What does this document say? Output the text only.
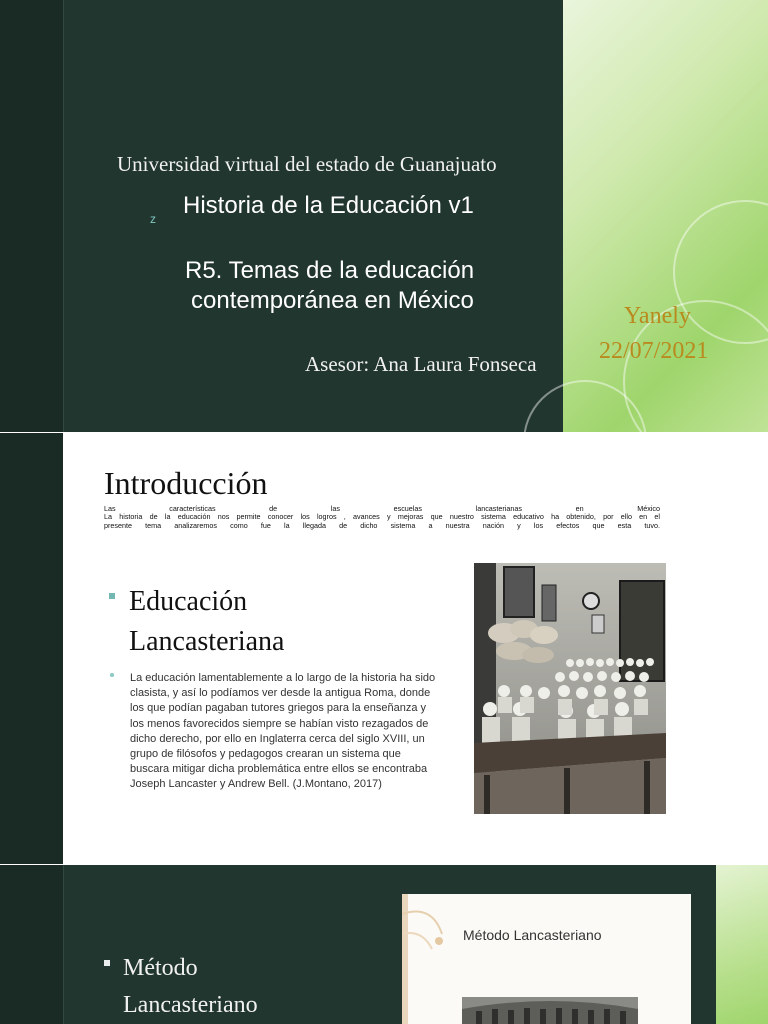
Universidad virtual del estado de Guanajuato
z Historia de la Educación v1
R5. Temas de la educación
contemporánea en México
Asesor: Ana Laura Fonseca
Yanely
22/07/2021
Introducción

Las características de las escuelas lancasterianas en México

La historia de la educación nos permite conocer los logros , avances y mejoras que nuestro sistema educativo ha obtenido, por ello en el

presente tema analizaremos como fue la llegada de dicho sistema a nuestra nación y los efectos que esta tuvo.

Educación
Lancasteriana
La educación lamentablemente a lo largo de la historia ha sido clasista, y así lo podíamos ver desde la antigua Roma, donde los que podían pagaban tutores griegos para la enseñanza y los menos favorecidos siempre se habían visto rezagados de dicho derecho, por ello en Inglaterra cerca del siglo XVIII, un grupo de filósofos y pedagogos crearan un sistema que buscara mitigar dicha problemática entre ellos se encontraba Joseph Lancaster y Andrew Bell. (J.Montano, 2017)
Método
Lancasteriano
Método Lancasteriano
